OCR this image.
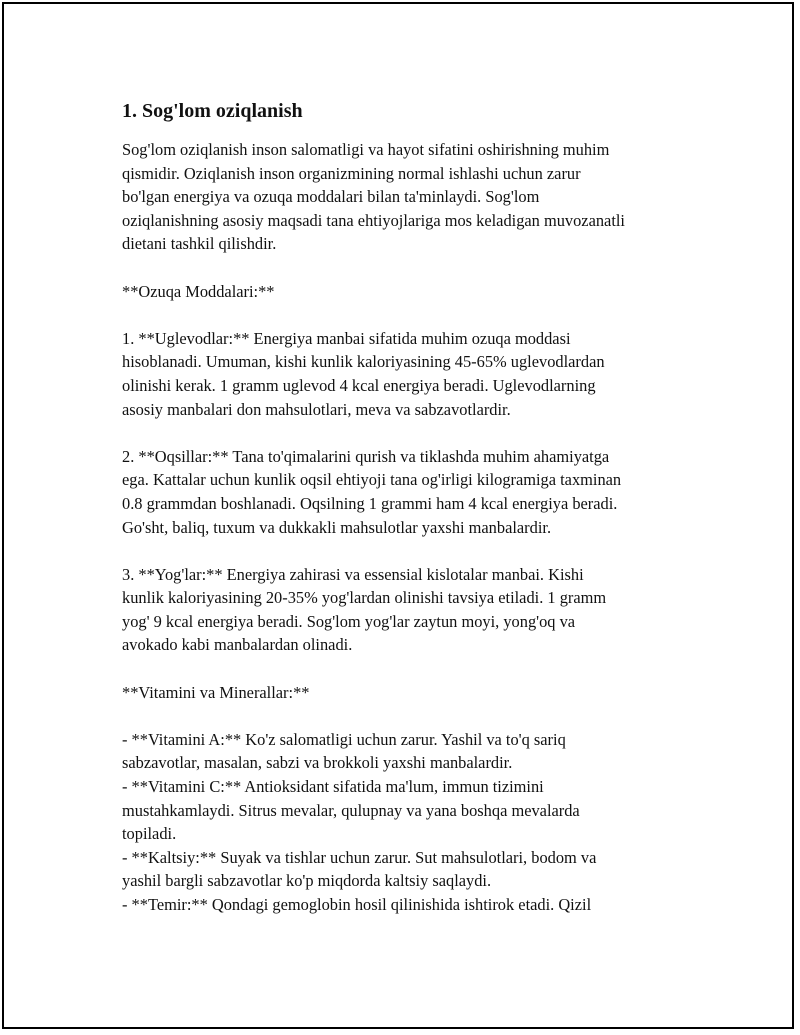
1. Sog'lom oziqlanish

Sog'lom oziqlanish inson salomatligi va hayot sifatini oshirishning muhim
qismidir. Oziqlanish inson organizmining normal ishlashi uchun zarur
bo'lgan energiya va ozuqa moddalari bilan ta'minlaydi. Sog'lom
oziqlanishning asosiy maqsadi tana ehtiyojlariga mos keladigan muvozanatli
dietani tashkil qilishdir.

**Ozuqa Moddalari:**

1. **Uglevodlar:** Energiya manbai sifatida muhim ozuqa moddasi
hisoblanadi. Umuman, kishi kunlik kaloriyasining 45-65% uglevodlardan
olinishi kerak. 1 gramm uglevod 4 kcal energiya beradi. Uglevodlarning
asosiy manbalari don mahsulotlari, meva va sabzavotlardir.

2. **Oqsillar:** Tana to'qimalarini qurish va tiklashda muhim ahamiyatga
ega. Kattalar uchun kunlik oqsil ehtiyoji tana og'irligi kilogramiga taxminan
0.8 grammdan boshlanadi. Oqsilning 1 grammi ham 4 kcal energiya beradi.
Go'sht, baliq, tuxum va dukkakli mahsulotlar yaxshi manbalardir.

3. **Yog'lar:** Energiya zahirasi va essensial kislotalar manbai. Kishi
kunlik kaloriyasining 20-35% yog'lardan olinishi tavsiya etiladi. 1 gramm
yog' 9 kcal energiya beradi. Sog'lom yog'lar zaytun moyi, yong'oq va
avokado kabi manbalardan olinadi.

**Vitamini va Minerallar:**

- **Vitamini A:** Ko'z salomatligi uchun zarur. Yashil va to'q sariq
sabzavotlar, masalan, sabzi va brokkoli yaxshi manbalardir.
- **Vitamini C:** Antioksidant sifatida ma'lum, immun tizimini
mustahkamlaydi. Sitrus mevalar, qulupnay va yana boshqa mevalarda
topiladi.
- **Kaltsiy:** Suyak va tishlar uchun zarur. Sut mahsulotlari, bodom va
yashil bargli sabzavotlar ko'p miqdorda kaltsiy saqlaydi.
- **Temir:** Qondagi gemoglobin hosil qilinishida ishtirok etadi. Qizil
